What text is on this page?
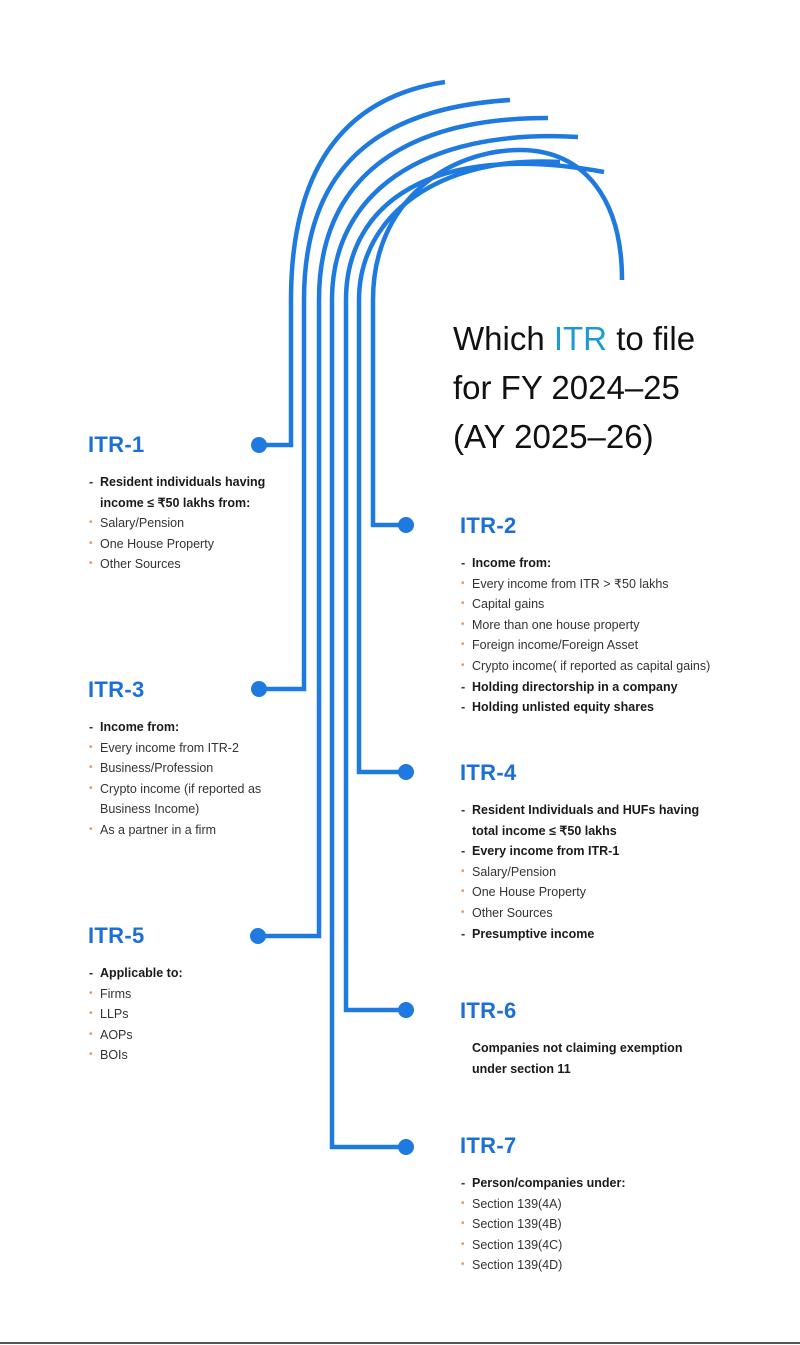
Which ITR to file
for FY 2024–25
(AY 2025–26)
ITR-1
- Resident individuals having
income ≤ ₹50 lakhs from:
• Salary/Pension
• One House Property
• Other Sources
ITR-3
- Income from:
• Every income from ITR-2
• Business/Profession
• Crypto income (if reported as
Business Income)
• As a partner in a firm
ITR-5
- Applicable to:
• Firms
• LLPs
• AOPs
• BOIs
ITR-2
- Income from:
• Every income from ITR > ₹50 lakhs
• Capital gains
• More than one house property
• Foreign income/Foreign Asset
• Crypto income( if reported as capital gains)
- Holding directorship in a company
- Holding unlisted equity shares
ITR-4
- Resident Individuals and HUFs having
total income ≤ ₹50 lakhs
- Every income from ITR-1
• Salary/Pension
• One House Property
• Other Sources
- Presumptive income
ITR-6
Companies not claiming exemption
under section 11
ITR-7
- Person/companies under:
• Section 139(4A)
• Section 139(4B)
• Section 139(4C)
• Section 139(4D)
